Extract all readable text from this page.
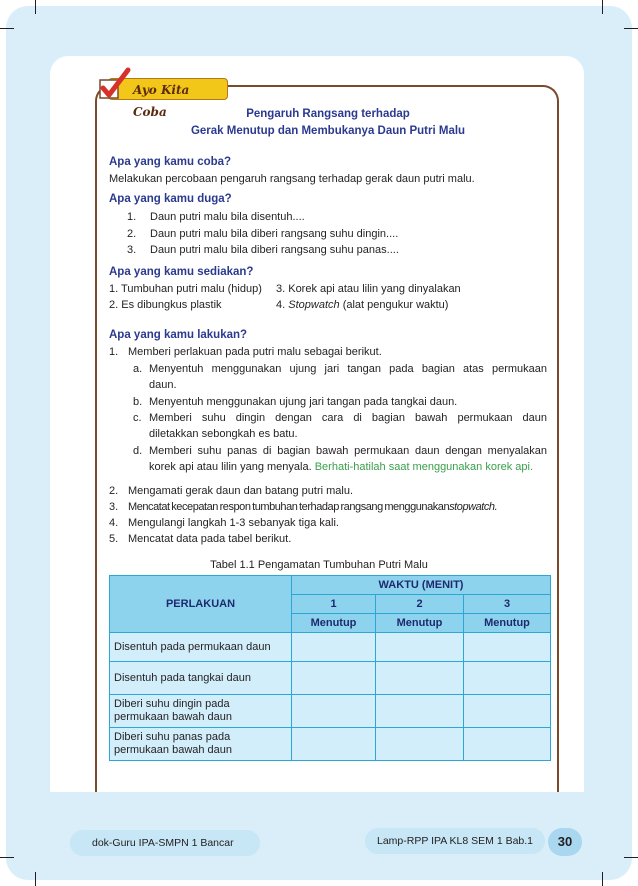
Ayo Kita Coba	Pengaruh Rangsang terhadap
Gerak Menutup dan Membukanya Daun Putri Malu
Apa yang kamu coba?
Melakukan percobaan pengaruh rangsang terhadap gerak daun putri malu.
Apa yang kamu duga?
1. Daun putri malu bila disentuh....
2. Daun putri malu bila diberi rangsang suhu dingin....
3. Daun putri malu bila diberi rangsang suhu panas....
Apa yang kamu sediakan?
1. Tumbuhan putri malu (hidup) 3. Korek api atau lilin yang dinyalakan
2. Es dibungkus plastik	4. Stopwatch (alat pengukur waktu)
Apa yang kamu lakukan?
1. Memberi perlakuan pada putri malu sebagai berikut.
a. Menyentuh menggunakan ujung jari tangan pada bagian atas permukaan
daun.
b. Menyentuh menggunakan ujung jari tangan pada tangkai daun.
c. Memberi suhu dingin dengan cara di bagian bawah permukaan daun
diletakkan sebongkah es batu.
d. Memberi suhu panas di bagian bawah permukaan daun dengan menyalakan
korek api atau lilin yang menyala. Berhati-hatilah saat menggunakan korek api.
2. Mengamati gerak daun dan batang putri malu.
3. Mencatat kecepatan respon tumbuhan terhadap rangsang menggunakanstopwatch.
4. Mengulangi langkah 1-3 sebanyak tiga kali.
5. Mencatat data pada tabel berikut.
Tabel 1.1 Pengamatan Tumbuhan Putri Malu
PERLAKUAN	WAKTU (MENIT)		
	1	2	3
	Menutup	Menutup	Menutup
Disentuh pada permukaan daun			
Disentuh pada tangkai daun			
Diberi suhu dingin pada
permukaan bawah daun			
Diberi suhu panas pada
permukaan bawah daun			
dok-Guru IPA-SMPN 1 Bancar	Lamp-RPP IPA KL8 SEM 1 Bab.1	30
